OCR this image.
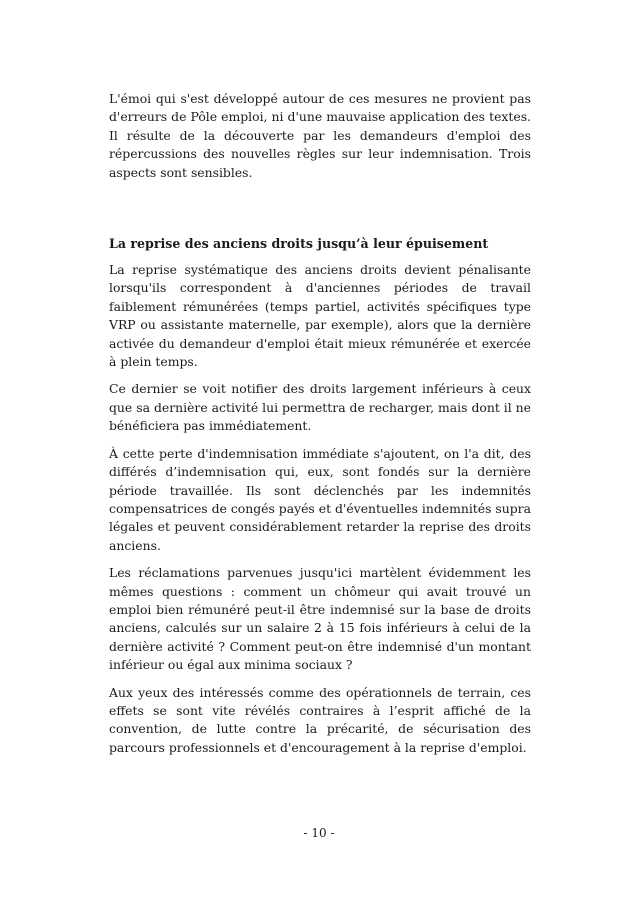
L'émoi qui s'est développé autour de ces mesures ne provient pas d'erreurs de Pôle emploi, ni d'une mauvaise application des textes. Il résulte de la découverte par les demandeurs d'emploi des répercussions des nouvelles règles sur leur indemnisation. Trois aspects sont sensibles.

La reprise des anciens droits jusqu’à leur épuisement

La reprise systématique des anciens droits devient pénalisante lorsqu'ils correspondent à d'anciennes périodes de travail faiblement rémunérées (temps partiel, activités spécifiques type VRP ou assistante maternelle, par exemple), alors que la dernière activée du demandeur d'emploi était mieux rémunérée et exercée à plein temps.

Ce dernier se voit notifier des droits largement inférieurs à ceux que sa dernière activité lui permettra de recharger, mais dont il ne bénéficiera pas immédiatement.

À cette perte d'indemnisation immédiate s'ajoutent, on l'a dit, des différés d’indemnisation qui, eux, sont fondés sur la dernière période travaillée. Ils sont déclenchés par les indemnités compensatrices de congés payés et d'éventuelles indemnités supra légales et peuvent considérablement retarder la reprise des droits anciens.

Les réclamations parvenues jusqu'ici martèlent évidemment les mêmes questions : comment un chômeur qui avait trouvé un emploi bien rémunéré peut-il être indemnisé sur la base de droits anciens, calculés sur un salaire 2 à 15 fois inférieurs à celui de la dernière activité ? Comment peut-on être indemnisé d'un montant inférieur ou égal aux minima sociaux ?

Aux yeux des intéressés comme des opérationnels de terrain, ces effets se sont vite révélés contraires à l’esprit affiché de la convention, de lutte contre la précarité, de sécurisation des parcours professionnels et d'encouragement à la reprise d'emploi.

- 10 -
